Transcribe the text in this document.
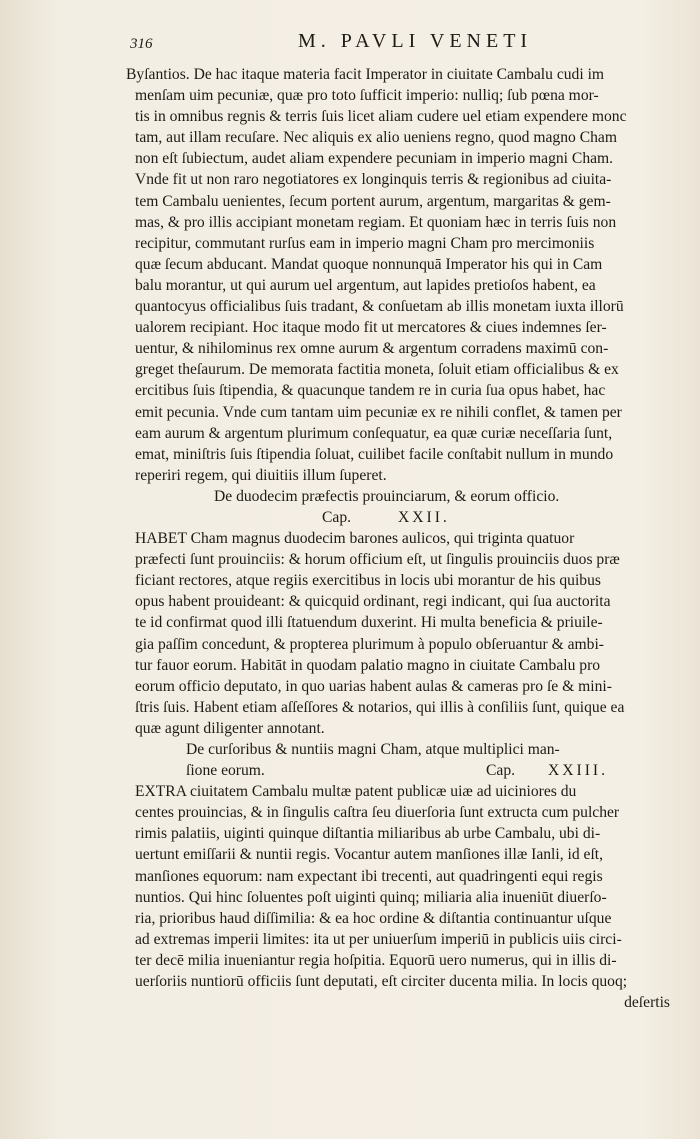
316	M. PAVLI VENETI
Byſantios. De hac itaque materia facit Imperator in ciuitate Cambalu cudi im
menſam uim pecuniæ, quæ pro toto ſufficit imperio: nulliq; ſub pœna mor-
tis in omnibus regnis & terris ſuis licet aliam cudere uel etiam expendere monc
tam, aut illam recuſare. Nec aliquis ex alio ueniens regno, quod magno Cham
non eſt ſubiectum, audet aliam expendere pecuniam in imperio magni Cham.
Vnde fit ut non raro negotiatores ex longinquis terris & regionibus ad ciuita-
tem Cambalu uenientes, ſecum portent aurum, argentum, margaritas & gem-
mas, & pro illis accipiant monetam regiam. Et quoniam hæc in terris ſuis non
recipitur, commutant rurſus eam in imperio magni Cham pro mercimoniis
quæ ſecum abducant. Mandat quoque nonnunquā Imperator his qui in Cam
balu morantur, ut qui aurum uel argentum, aut lapides pretioſos habent, ea
quantocyus officialibus ſuis tradant, & conſuetam ab illis monetam iuxta illorū
ualorem recipiant. Hoc itaque modo fit ut mercatores & ciues indemnes ſer-
uentur, & nihilominus rex omne aurum & argentum corradens maximū con-
greget theſaurum. De memorata factitia moneta, ſoluit etiam officialibus & ex
ercitibus ſuis ſtipendia, & quacunque tandem re in curia ſua opus habet, hac
emit pecunia. Vnde cum tantam uim pecuniæ ex re nihili conflet, & tamen per
eam aurum & argentum plurimum conſequatur, ea quæ curiæ neceſſaria ſunt,
emat, miniſtris ſuis ſtipendia ſoluat, cuilibet facile conſtabit nullum in mundo
reperiri regem, qui diuitiis illum ſuperet.
De duodecim præfectis prouinciarum, & eorum officio.
Cap.	XXII.
HABET Cham magnus duodecim barones aulicos, qui triginta quatuor
præfecti ſunt prouinciis: & horum officium eſt, ut ſingulis prouinciis duos præ
ficiant rectores, atque regiis exercitibus in locis ubi morantur de his quibus
opus habent prouideant: & quicquid ordinant, regi indicant, qui ſua auctorita
te id confirmat quod illi ſtatuendum duxerint. Hi multa beneficia & priuile-
gia paſſim concedunt, & propterea plurimum à populo obſeruantur & ambi-
tur fauor eorum. Habitāt in quodam palatio magno in ciuitate Cambalu pro
eorum officio deputato, in quo uarias habent aulas & cameras pro ſe & mini-
ſtris ſuis. Habent etiam aſſeſſores & notarios, qui illis à conſiliis ſunt, quique ea
quæ agunt diligenter annotant.
De curſoribus & nuntiis magni Cham, atque multiplici man-
ſione eorum.	Cap. XXIII.
EXTRA ciuitatem Cambalu multæ patent publicæ uiæ ad uiciniores du
centes prouincias, & in ſingulis caſtra ſeu diuerſoria ſunt extructa cum pulcher
rimis palatiis, uiginti quinque diſtantia miliaribus ab urbe Cambalu, ubi di-
uertunt emiſſarii & nuntii regis. Vocantur autem manſiones illæ Ianli, id eſt,
manſiones equorum: nam expectant ibi trecenti, aut quadringenti equi regis
nuntios. Qui hinc ſoluentes poſt uiginti quinq; miliaria alia inueniūt diuerſo-
ria, prioribus haud diſſimilia: & ea hoc ordine & diſtantia continuantur uſque
ad extremas imperii limites: ita ut per uniuerſum imperiū in publicis uiis circi-
ter decē milia inueniantur regia hoſpitia. Equorū uero numerus, qui in illis di-
uerſoriis nuntiorū officiis ſunt deputati, eſt circiter ducenta milia. In locis quoq;
deſertis
